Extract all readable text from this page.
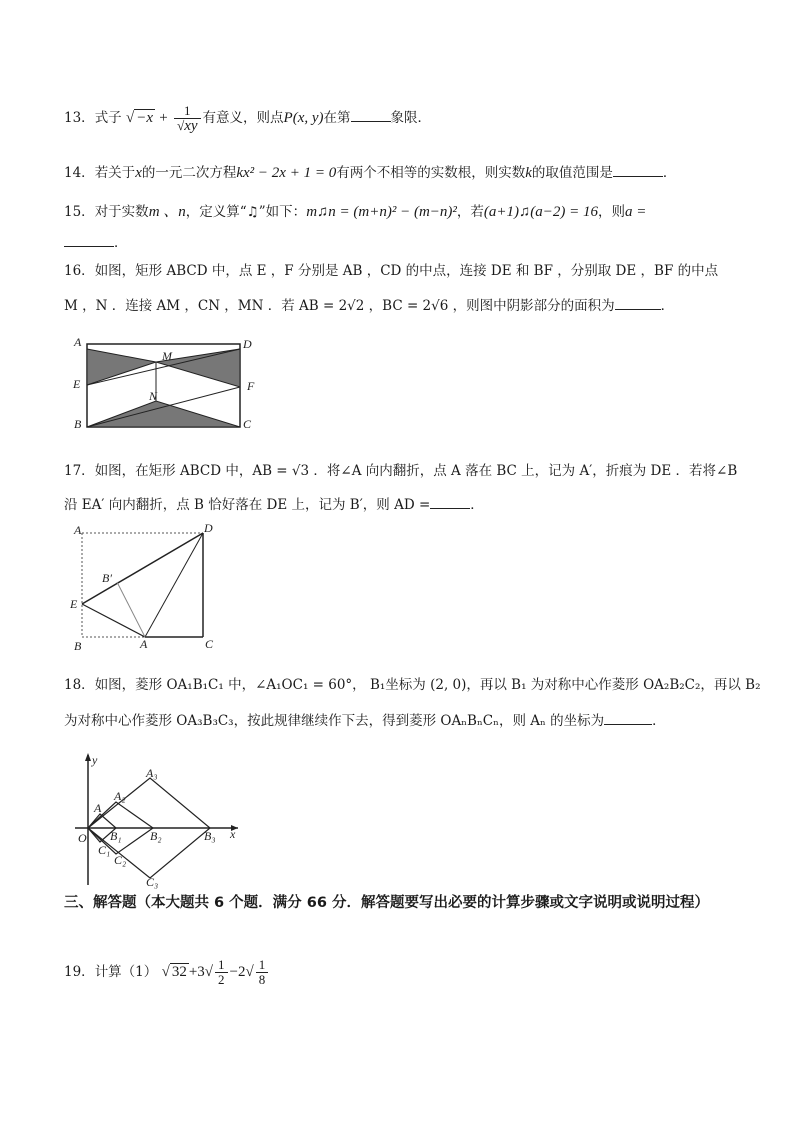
13．式子 √ $-x + \frac{1}{√xy}$ 有意义，则点P(x, y)在第	象限．
14．若关于x的一元二次方程kx² − 2x + 1 = 0有两个不相等的实数根，则实数k的取值范围是	．
15．对于实数m 、n，定义算“♫”如下：m♫n = (m+n)² − (m−n)²，若(a+1)♫(a−2) = 16，则a =
．
16．如图，矩形 ABCD 中，点 E ，F 分别是 AB ，CD 的中点，连接 DE 和 BF ，分别取 DE ，BF 的中点
M ，N ．连接 AM ，CN ，MN ．若 AB = 2√2 ，BC = 2√6 ，则图中阴影部分的面积为	．
A	D
E	F
B	C
M
N
17．如图，在矩形 ABCD 中，AB = √3 ．将∠A 向内翻折，点 A 落在 BC 上，记为 A′，折痕为 DE ．若将∠B
沿 EA′ 向内翻折，点 B 恰好落在 DE 上，记为 B′，则 AD =	．
A	D
B′
E
A
B	C
18．如图，菱形 OA₁B₁C₁ 中，∠A₁OC₁ = 60°， B₁坐标为 (2, 0)，再以 B₁ 为对称中心作菱形 OA₂B₂C₂，再以 B₂
为对称中心作菱形 OA₃B₃C₃，按此规律继续作下去，得到菱形 OAₙBₙCₙ，则 Aₙ 的坐标为	．
y
x
O
A
A₂
A₃
B₁ B₂	B₃
C₁
C₂
C₃
三、解答题（本大题共 6 个题．满分 66 分．解答题要写出必要的计算步骤或文字说明或说明过程）
19．计算（1） √ $32 +3√ \frac{1}{2} -2√ \frac{1}{8}$
